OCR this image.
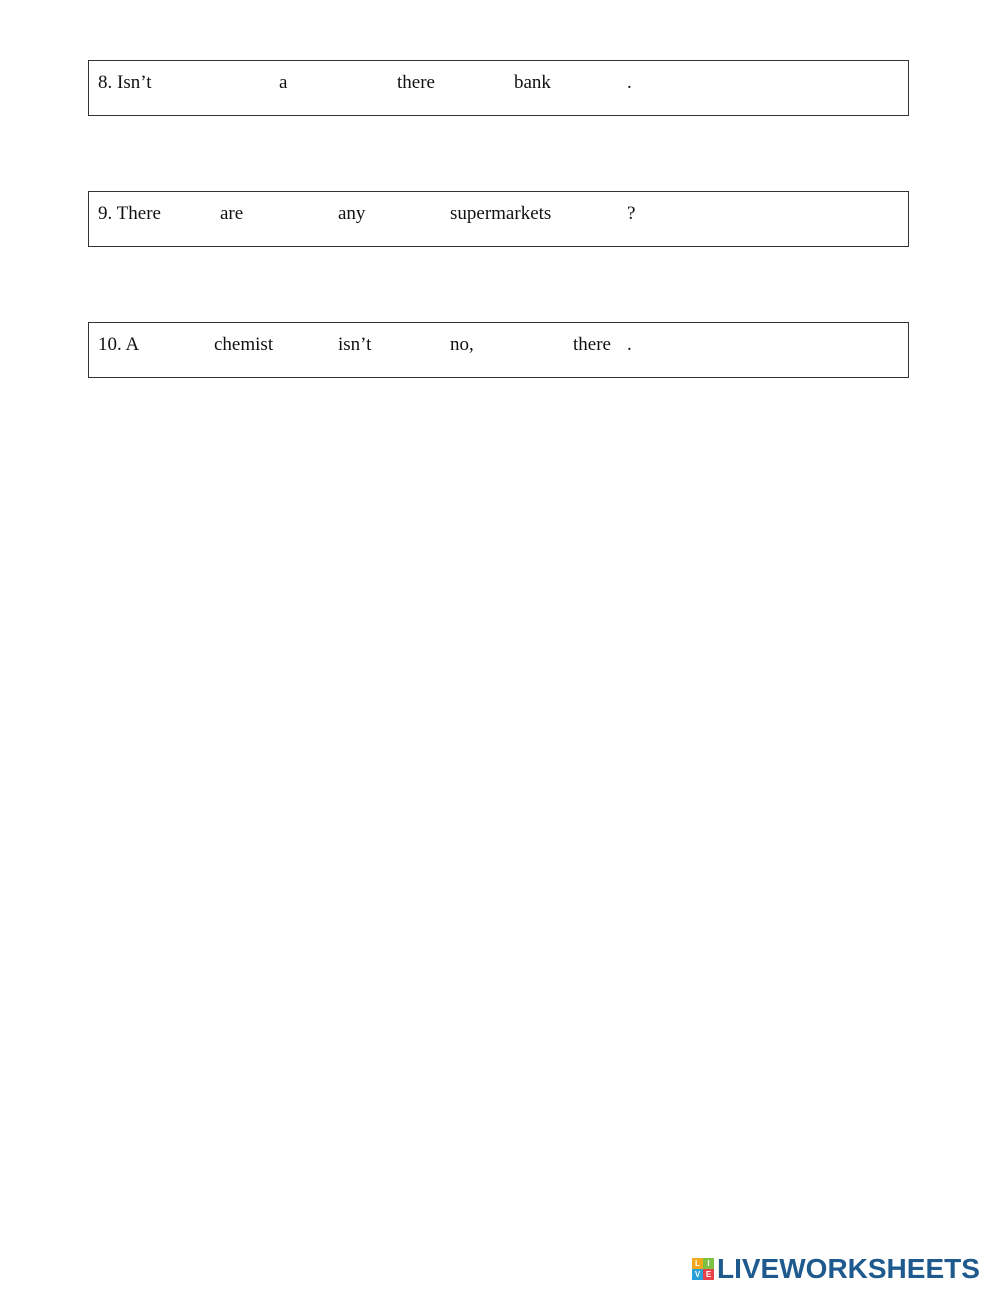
8. Isn’t	a	there	bank	.
9. There	are	any	supermarkets	?
10. A	chemist	isn’t	no,	there .
L I
V E LIVEWORKSHEETS
